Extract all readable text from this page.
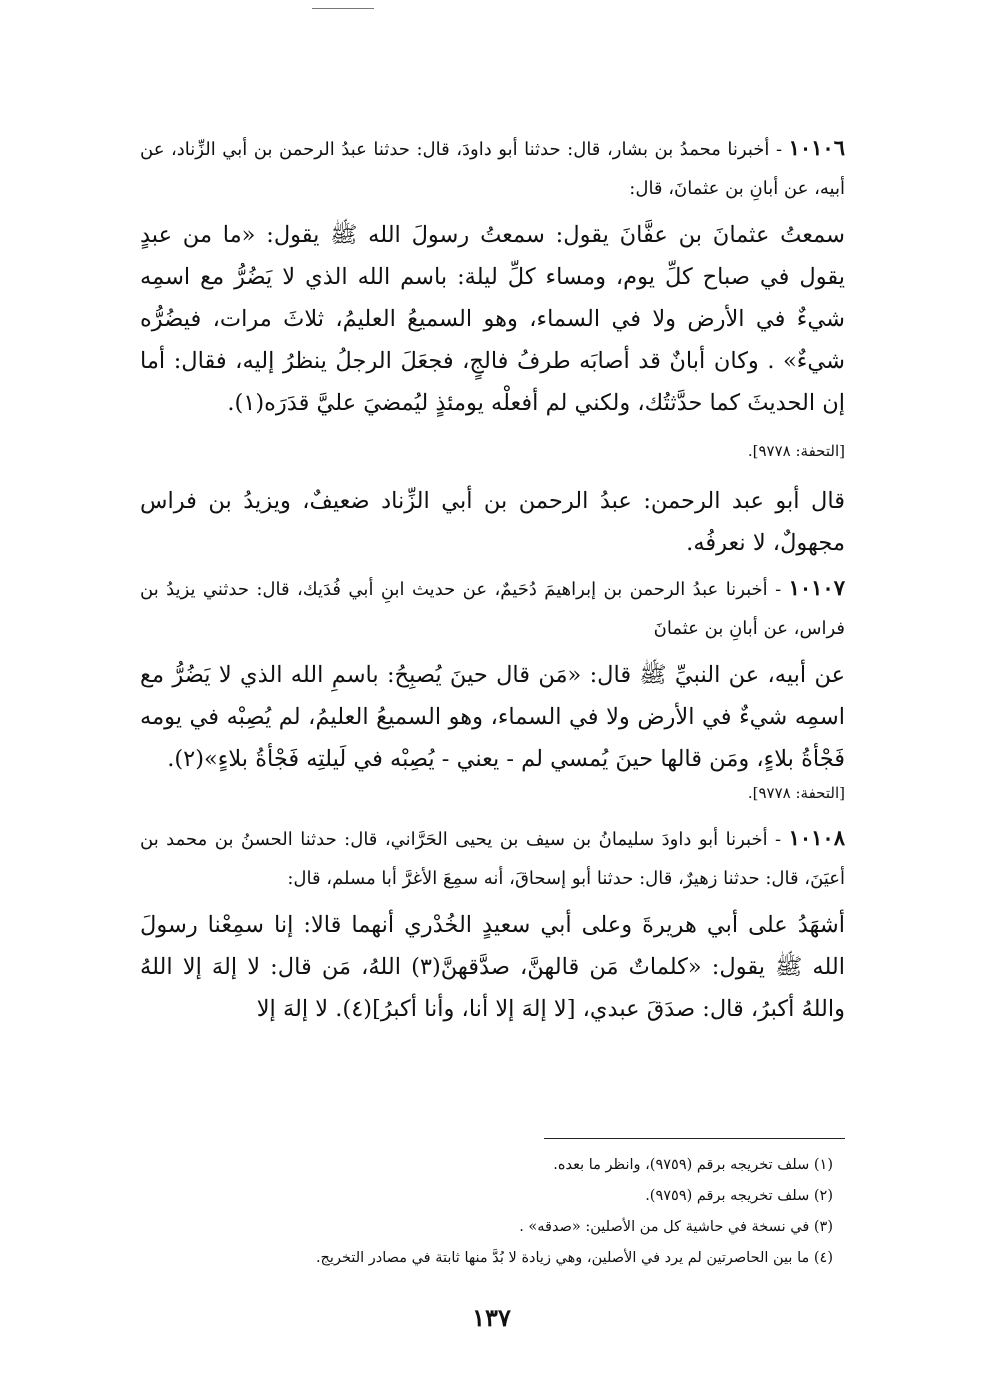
١٠١٠٦ - أخبرنا محمدُ بن بشار، قال: حدثنا أبو داودَ، قال: حدثنا عبدُ الرحمن بن أبي الزِّناد، عن أبيه، عن أبانِ بن عثمانَ، قال:

سمعتُ عثمانَ بن عفَّانَ يقول: سمعتُ رسولَ الله ﷺ يقول: «ما من عبدٍ يقول في صباح كلِّ يوم، ومساء كلِّ ليلة: باسم الله الذي لا يَضُرُّ مع اسمِه شيءٌ في الأرض ولا في السماء، وهو السميعُ العليمُ، ثلاثَ مرات، فيضُرُّه شيءٌ» . وكان أبانٌ قد أصابَه طرفُ فالجٍ، فجعَلَ الرجلُ ينظرُ إليه، فقال: أما إن الحديثَ كما حدَّثتُك، ولكني لم أفعلْه يومئذٍ ليُمضيَ عليَّ قدَرَه(١).

[التحفة: ٩٧٧٨].

قال أبو عبد الرحمن: عبدُ الرحمن بن أبي الزِّناد ضعيفٌ، ويزيدُ بن فراس مجهولٌ، لا نعرفُه.

١٠١٠٧ - أخبرنا عبدُ الرحمن بن إبراهيمَ دُحَيمٌ، عن حديث ابنِ أبي فُدَيك، قال: حدثني يزيدُ بن فراس، عن أبانِ بن عثمانَ

عن أبيه، عن النبيِّ ﷺ قال: «مَن قال حينَ يُصبِحُ: باسمِ الله الذي لا يَضُرُّ مع اسمِه شيءٌ في الأرض ولا في السماء، وهو السميعُ العليمُ، لم يُصِبْه في يومه فَجْأةُ بلاءٍ، ومَن قالها حينَ يُمسي لم - يعني - يُصِبْه في لَيلتِه فَجْأةُ بلاءٍ»(٢).

[التحفة: ٩٧٧٨].

١٠١٠٨ - أخبرنا أبو داودَ سليمانُ بن سيف بن يحيى الحَرَّاني، قال: حدثنا الحسنُ بن محمد بن أعيَنَ، قال: حدثنا زهيرٌ، قال: حدثنا أبو إسحاقَ، أنه سمِعَ الأغرَّ أبا مسلم، قال:

أشهَدُ على أبي هريرةَ وعلى أبي سعيدٍ الخُدْري أنهما قالا: إنا سمِعْنا رسولَ الله ﷺ يقول: «كلماتٌ مَن قالهنَّ، صدَّقهنَّ(٣) اللهُ، مَن قال: لا إلهَ إلا اللهُ واللهُ أكبرُ، قال: صدَقَ عبدي، [لا إلهَ إلا أنا، وأنا أكبرُ](٤). لا إلهَ إلا

(١) سلف تخريجه برقم (٩٧٥٩)، وانظر ما بعده.

(٢) سلف تخريجه برقم (٩٧٥٩).

(٣) في نسخة في حاشية كل من الأصلين: «صدقه» .

(٤) ما بين الحاصرتين لم يرد في الأصلين، وهي زيادة لا بُدَّ منها ثابتة في مصادر التخريج.

١٣٧
